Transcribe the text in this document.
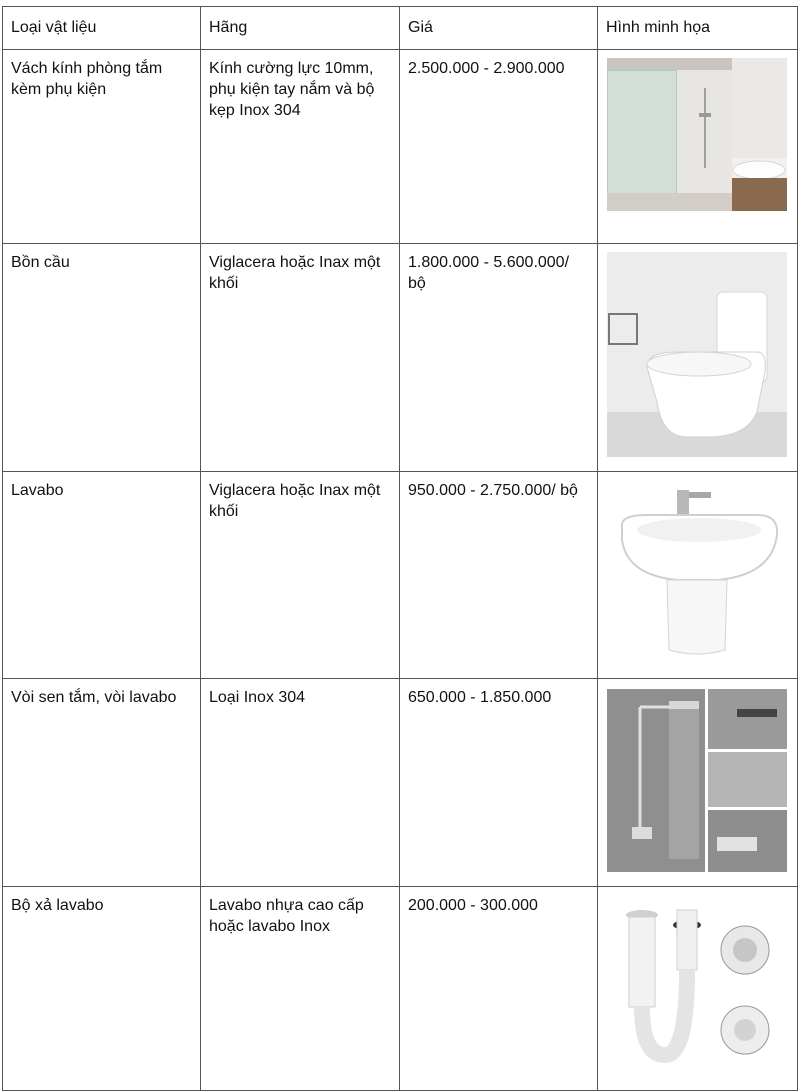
Loại vật liệu	Hãng	Giá	Hình minh họa
Vách kính phòng tắm kèm phụ kiện	Kính cường lực 10mm, phụ kiện tay nắm và bộ kẹp Inox 304	2.500.000 - 2.900.000	

Bồn cầu	Viglacera hoặc Inax một khối	1.800.000 - 5.600.000/ bộ	

Lavabo	Viglacera hoặc Inax một khối	950.000 - 2.750.000/ bộ	

Vòi sen tắm, vòi lavabo	Loại Inox 304	650.000 - 1.850.000	

Bộ xả lavabo	Lavabo nhựa cao cấp hoặc lavabo Inox	200.000 - 300.000	
